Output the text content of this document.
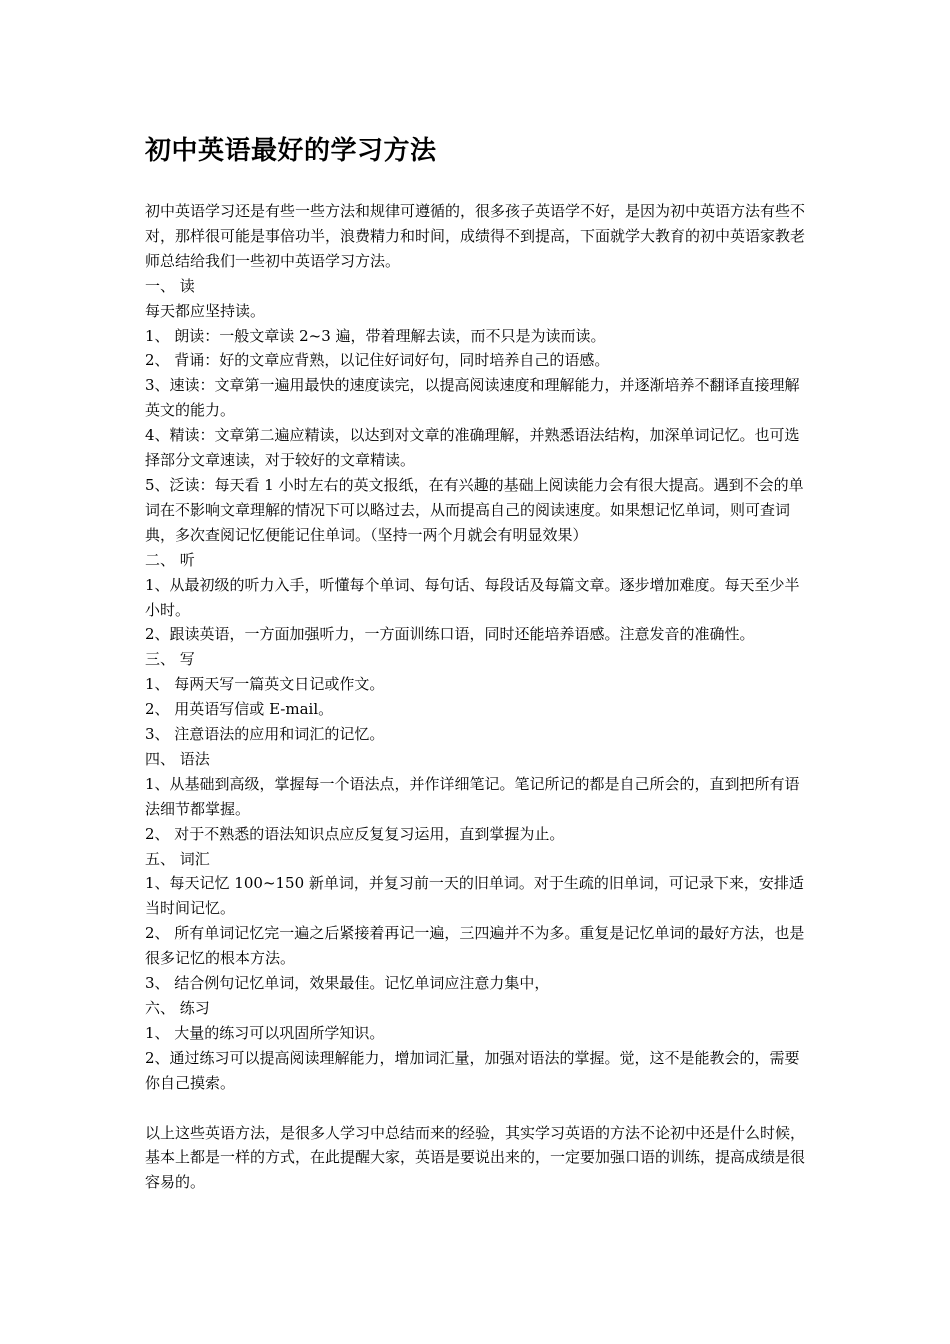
初中英语最好的学习方法

初中英语学习还是有些一些方法和规律可遵循的，很多孩子英语学不好，是因为初中英语方法有些不对，那样很可能是事倍功半，浪费精力和时间，成绩得不到提高，下面就学大教育的初中英语家教老师总结给我们一些初中英语学习方法。

一、 读

每天都应坚持读。

1、 朗读：一般文章读 2~3 遍，带着理解去读，而不只是为读而读。

2、 背诵：好的文章应背熟，以记住好词好句，同时培养自己的语感。

3、速读：文章第一遍用最快的速度读完，以提高阅读速度和理解能力，并逐渐培养不翻译直接理解英文的能力。

4、精读：文章第二遍应精读，以达到对文章的准确理解，并熟悉语法结构，加深单词记忆。也可选择部分文章速读，对于较好的文章精读。

5、泛读：每天看 1 小时左右的英文报纸，在有兴趣的基础上阅读能力会有很大提高。遇到不会的单词在不影响文章理解的情况下可以略过去，从而提高自己的阅读速度。如果想记忆单词，则可查词典，多次查阅记忆便能记住单词。（坚持一两个月就会有明显效果）

二、 听

1、从最初级的听力入手，听懂每个单词、每句话、每段话及每篇文章。逐步增加难度。每天至少半小时。

2、跟读英语，一方面加强听力，一方面训练口语，同时还能培养语感。注意发音的准确性。

三、 写

1、 每两天写一篇英文日记或作文。

2、 用英语写信或 E-mail。

3、 注意语法的应用和词汇的记忆。

四、 语法

1、从基础到高级，掌握每一个语法点，并作详细笔记。笔记所记的都是自己所会的，直到把所有语法细节都掌握。

2、 对于不熟悉的语法知识点应反复复习运用，直到掌握为止。

五、 词汇

1、每天记忆 100~150 新单词，并复习前一天的旧单词。对于生疏的旧单词，可记录下来，安排适当时间记忆。

2、 所有单词记忆完一遍之后紧接着再记一遍，三四遍并不为多。重复是记忆单词的最好方法，也是很多记忆的根本方法。

3、 结合例句记忆单词，效果最佳。记忆单词应注意力集中，

六、 练习

1、 大量的练习可以巩固所学知识。

2、通过练习可以提高阅读理解能力，增加词汇量，加强对语法的掌握。觉，这不是能教会的，需要你自己摸索。

以上这些英语方法，是很多人学习中总结而来的经验，其实学习英语的方法不论初中还是什么时候，基本上都是一样的方式，在此提醒大家，英语是要说出来的，一定要加强口语的训练，提高成绩是很容易的。
